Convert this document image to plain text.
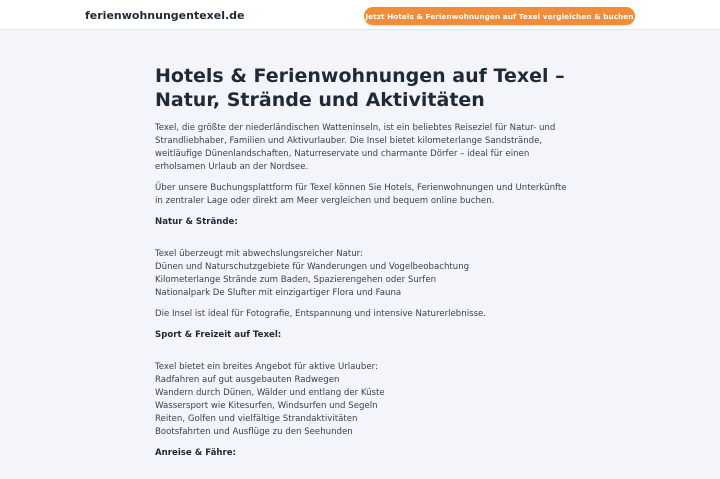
ferienwohnungentexel.de	Jetzt Hotels & Ferienwohnungen auf Texel vergleichen & buchen
Hotels & Ferienwohnungen auf Texel –
Natur, Strände und Aktivitäten

Texel, die größte der niederländischen Watteninseln, ist ein beliebtes Reiseziel für Natur- und Strandliebhaber, Familien und Aktivurlauber. Die Insel bietet kilometerlange Sandstrände, weitläufige Dünenlandschaften, Naturreservate und charmante Dörfer – ideal für einen erholsamen Urlaub an der Nordsee.

Über unsere Buchungsplattform für Texel können Sie Hotels, Ferienwohnungen und Unterkünfte in zentraler Lage oder direkt am Meer vergleichen und bequem online buchen.

Natur & Strände:
Texel überzeugt mit abwechslungsreicher Natur:
Dünen und Naturschutzgebiete für Wanderungen und Vogelbeobachtung
Kilometerlange Strände zum Baden, Spazierengehen oder Surfen
Nationalpark De Slufter mit einzigartiger Flora und Fauna

Die Insel ist ideal für Fotografie, Entspannung und intensive Naturerlebnisse.

Sport & Freizeit auf Texel:
Texel bietet ein breites Angebot für aktive Urlauber:
Radfahren auf gut ausgebauten Radwegen
Wandern durch Dünen, Wälder und entlang der Küste
Wassersport wie Kitesurfen, Windsurfen und Segeln
Reiten, Golfen und vielfältige Strandaktivitäten
Bootsfahrten und Ausflüge zu den Seehunden
Anreise & Fähre:
